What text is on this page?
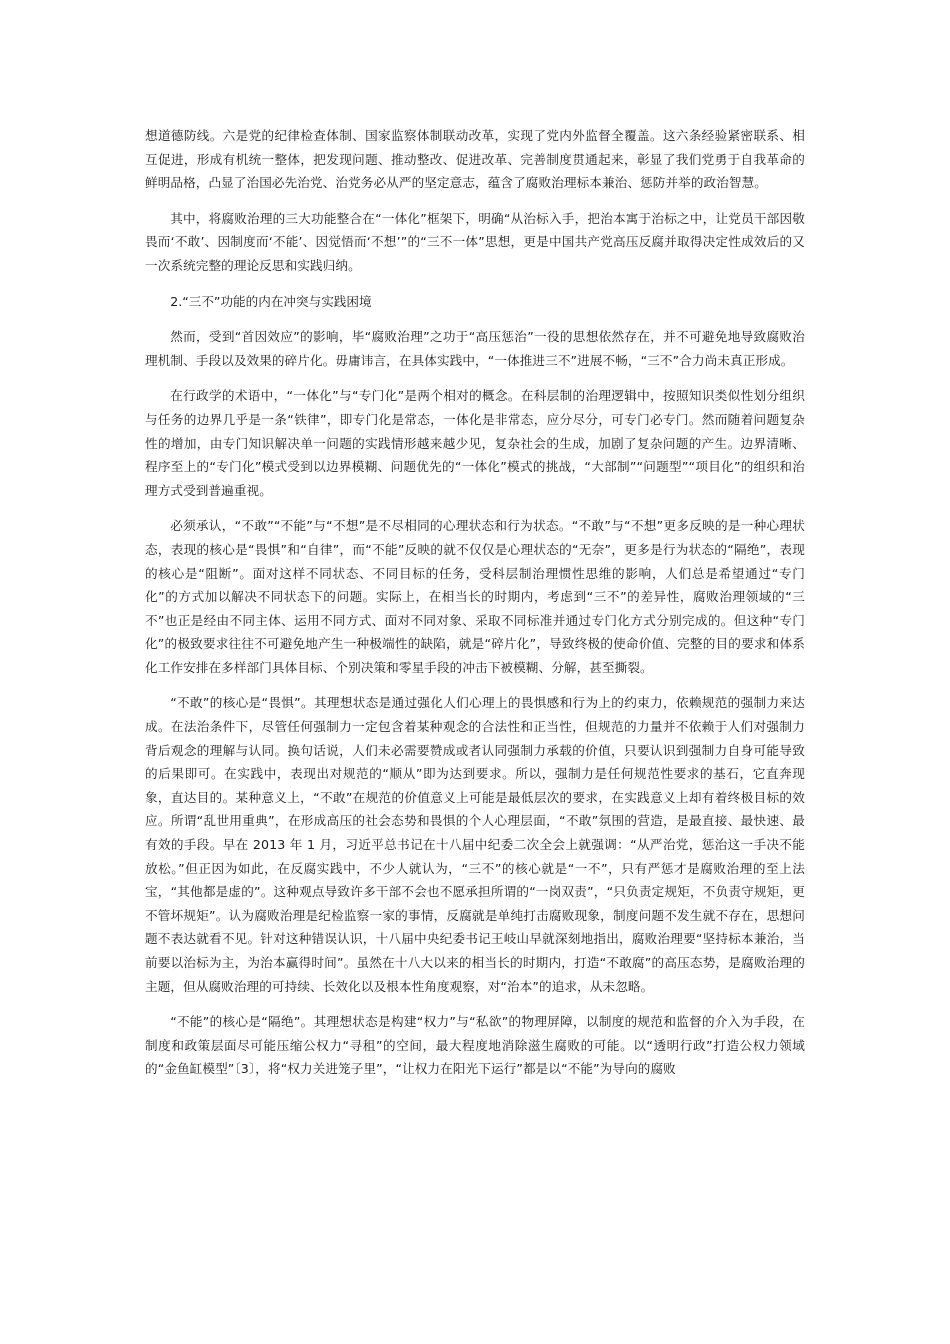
想道德防线。六是党的纪律检查体制、国家监察体制联动改革，实现了党内外监督全覆盖。这六条经验紧密联系、相互促进，形成有机统一整体，把发现问题、推动整改、促进改革、完善制度贯通起来，彰显了我们党勇于自我革命的鲜明品格，凸显了治国必先治党、治党务必从严的坚定意志，蕴含了腐败治理标本兼治、惩防并举的政治智慧。

其中，将腐败治理的三大功能整合在“一体化”框架下，明确“从治标入手，把治本寓于治标之中，让党员干部因敬畏而‘不敢’、因制度而‘不能’、因觉悟而‘不想’”的“三不一体”思想，更是中国共产党高压反腐并取得决定性成效后的又一次系统完整的理论反思和实践归纳。

2.“三不”功能的内在冲突与实践困境

然而，受到“首因效应”的影响，毕“腐败治理”之功于“高压惩治”一役的思想依然存在，并不可避免地导致腐败治理机制、手段以及效果的碎片化。毋庸讳言，在具体实践中，“一体推进三不”进展不畅，“三不”合力尚未真正形成。

在行政学的术语中，“一体化”与“专门化”是两个相对的概念。在科层制的治理逻辑中，按照知识类似性划分组织与任务的边界几乎是一条“铁律”，即专门化是常态，一体化是非常态，应分尽分，可专门必专门。然而随着问题复杂性的增加，由专门知识解决单一问题的实践情形越来越少见，复杂社会的生成，加剧了复杂问题的产生。边界清晰、程序至上的“专门化”模式受到以边界模糊、问题优先的“一体化”模式的挑战，“大部制”“问题型”“项目化”的组织和治理方式受到普遍重视。

必须承认，“不敢”“不能”与“不想”是不尽相同的心理状态和行为状态。“不敢”与“不想”更多反映的是一种心理状态，表现的核心是“畏惧”和“自律”，而“不能”反映的就不仅仅是心理状态的“无奈”，更多是行为状态的“隔绝”，表现的核心是“阻断”。面对这样不同状态、不同目标的任务，受科层制治理惯性思维的影响，人们总是希望通过“专门化”的方式加以解决不同状态下的问题。实际上，在相当长的时期内，考虑到“三不”的差异性，腐败治理领域的“三不”也正是经由不同主体、运用不同方式、面对不同对象、采取不同标准并通过专门化方式分别完成的。但这种“专门化”的极致要求往往不可避免地产生一种极端性的缺陷，就是“碎片化”，导致终极的使命价值、完整的目的要求和体系化工作安排在多样部门具体目标、个别决策和零星手段的冲击下被模糊、分解，甚至撕裂。

“不敢”的核心是“畏惧”。其理想状态是通过强化人们心理上的畏惧感和行为上的约束力，依赖规范的强制力来达成。在法治条件下，尽管任何强制力一定包含着某种观念的合法性和正当性，但规范的力量并不依赖于人们对强制力背后观念的理解与认同。换句话说，人们未必需要赞成或者认同强制力承载的价值，只要认识到强制力自身可能导致的后果即可。在实践中，表现出对规范的“顺从”即为达到要求。所以，强制力是任何规范性要求的基石，它直奔现象，直达目的。某种意义上，“不敢”在规范的价值意义上可能是最低层次的要求，在实践意义上却有着终极目标的效应。所谓“乱世用重典”，在形成高压的社会态势和畏惧的个人心理层面，“不敢”氛围的营造，是最直接、最快速、最有效的手段。早在 2013 年 1 月，习近平总书记在十八届中纪委二次全会上就强调：“从严治党，惩治这一手决不能放松。”但正因为如此，在反腐实践中，不少人就认为，“三不”的核心就是“一不”，只有严惩才是腐败治理的至上法宝，“其他都是虚的”。这种观点导致许多干部不会也不愿承担所谓的“一岗双责”，“只负责定规矩，不负责守规矩，更不管坏规矩”。认为腐败治理是纪检监察一家的事情，反腐就是单纯打击腐败现象，制度问题不发生就不存在，思想问题不表达就看不见。针对这种错误认识，十八届中央纪委书记王岐山早就深刻地指出，腐败治理要“坚持标本兼治，当前要以治标为主，为治本赢得时间”。虽然在十八大以来的相当长的时期内，打造“不敢腐”的高压态势，是腐败治理的主题，但从腐败治理的可持续、长效化以及根本性角度观察，对“治本”的追求，从未忽略。

“不能”的核心是“隔绝”。其理想状态是构建“权力”与“私欲”的物理屏障，以制度的规范和监督的介入为手段，在制度和政策层面尽可能压缩公权力“寻租”的空间，最大程度地消除滋生腐败的可能。以“透明行政”打造公权力领域的“金鱼缸模型”〔3〕，将“权力关进笼子里”，“让权力在阳光下运行”都是以“不能”为导向的腐败
